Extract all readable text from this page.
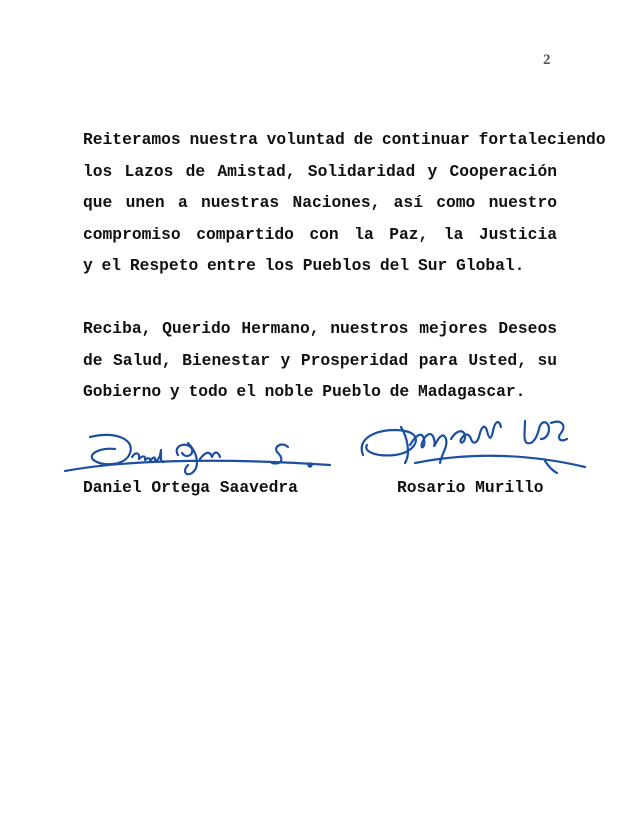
2
Reiteramos nuestra voluntad de continuar fortaleciendo
los Lazos de Amistad, Solidaridad y Cooperación
que unen a nuestras Naciones, así como nuestro
compromiso compartido con la Paz, la Justicia
y el Respeto entre los Pueblos del Sur Global.
Reciba, Querido Hermano, nuestros mejores Deseos
de Salud, Bienestar y Prosperidad para Usted, su
Gobierno y todo el noble Pueblo de Madagascar.
Daniel Ortega Saavedra	Rosario Murillo
